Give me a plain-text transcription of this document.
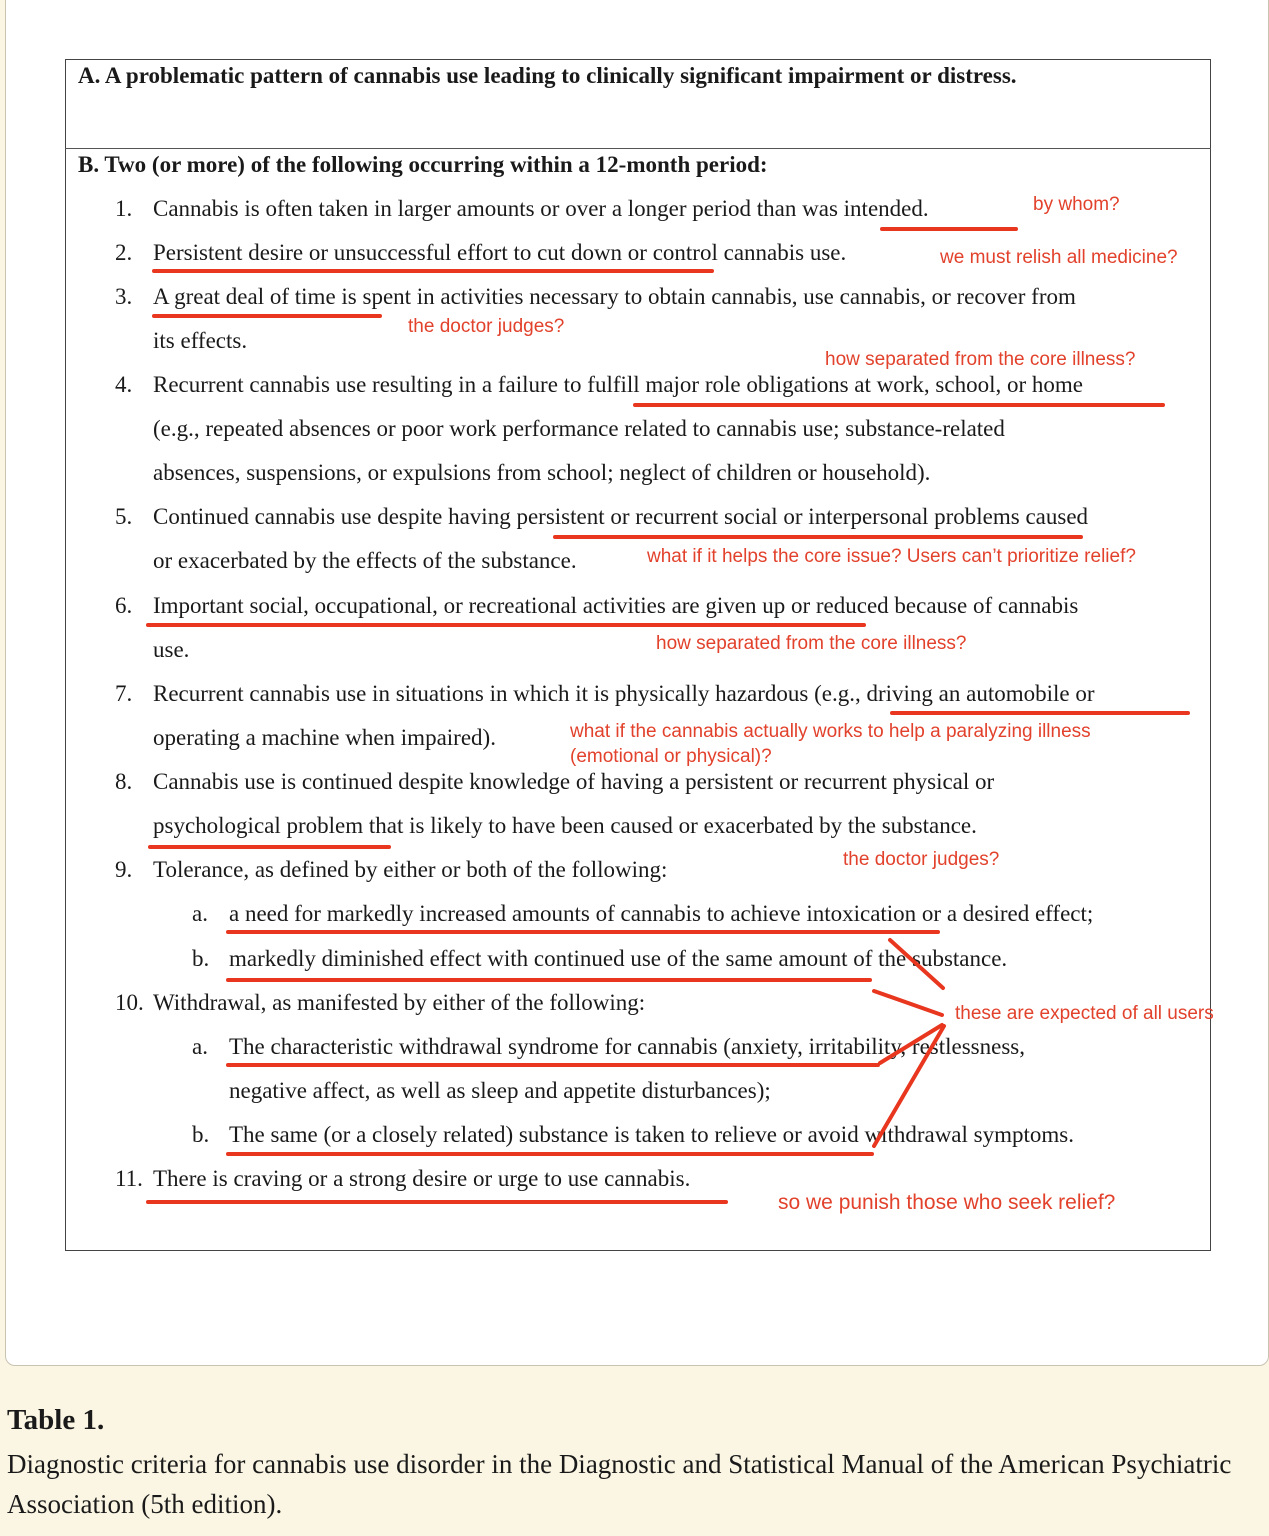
A. A problematic pattern of cannabis use leading to clinically significant impairment or distress.
B. Two (or more) of the following occurring within a 12-month period:
1. Cannabis is often taken in larger amounts or over a longer period than was intended.
2. Persistent desire or unsuccessful effort to cut down or control cannabis use.
3. A great deal of time is spent in activities necessary to obtain cannabis, use cannabis, or recover from
its effects.
4. Recurrent cannabis use resulting in a failure to fulfill major role obligations at work, school, or home
(e.g., repeated absences or poor work performance related to cannabis use; substance-related
absences, suspensions, or expulsions from school; neglect of children or household).
5. Continued cannabis use despite having persistent or recurrent social or interpersonal problems caused
or exacerbated by the effects of the substance.
6. Important social, occupational, or recreational activities are given up or reduced because of cannabis
use.
7. Recurrent cannabis use in situations in which it is physically hazardous (e.g., driving an automobile or
operating a machine when impaired).
8. Cannabis use is continued despite knowledge of having a persistent or recurrent physical or
psychological problem that is likely to have been caused or exacerbated by the substance.
9. Tolerance, as defined by either or both of the following:
a. a need for markedly increased amounts of cannabis to achieve intoxication or a desired effect;
b. markedly diminished effect with continued use of the same amount of the substance.
10. Withdrawal, as manifested by either of the following:
a. The characteristic withdrawal syndrome for cannabis (anxiety, irritability, restlessness,
negative affect, as well as sleep and appetite disturbances);
b. The same (or a closely related) substance is taken to relieve or avoid withdrawal symptoms.
11. There is craving or a strong desire or urge to use cannabis.
by whom?
we must relish all medicine?
the doctor judges?
how separated from the core illness?
what if it helps the core issue? Users can’t prioritize relief?
how separated from the core illness?
what if the cannabis actually works to help a paralyzing illness
(emotional or physical)?
the doctor judges?
these are expected of all users
so we punish those who seek relief?
Table 1.
Diagnostic criteria for cannabis use disorder in the Diagnostic and Statistical Manual of the American Psychiatric Association (5th edition).
